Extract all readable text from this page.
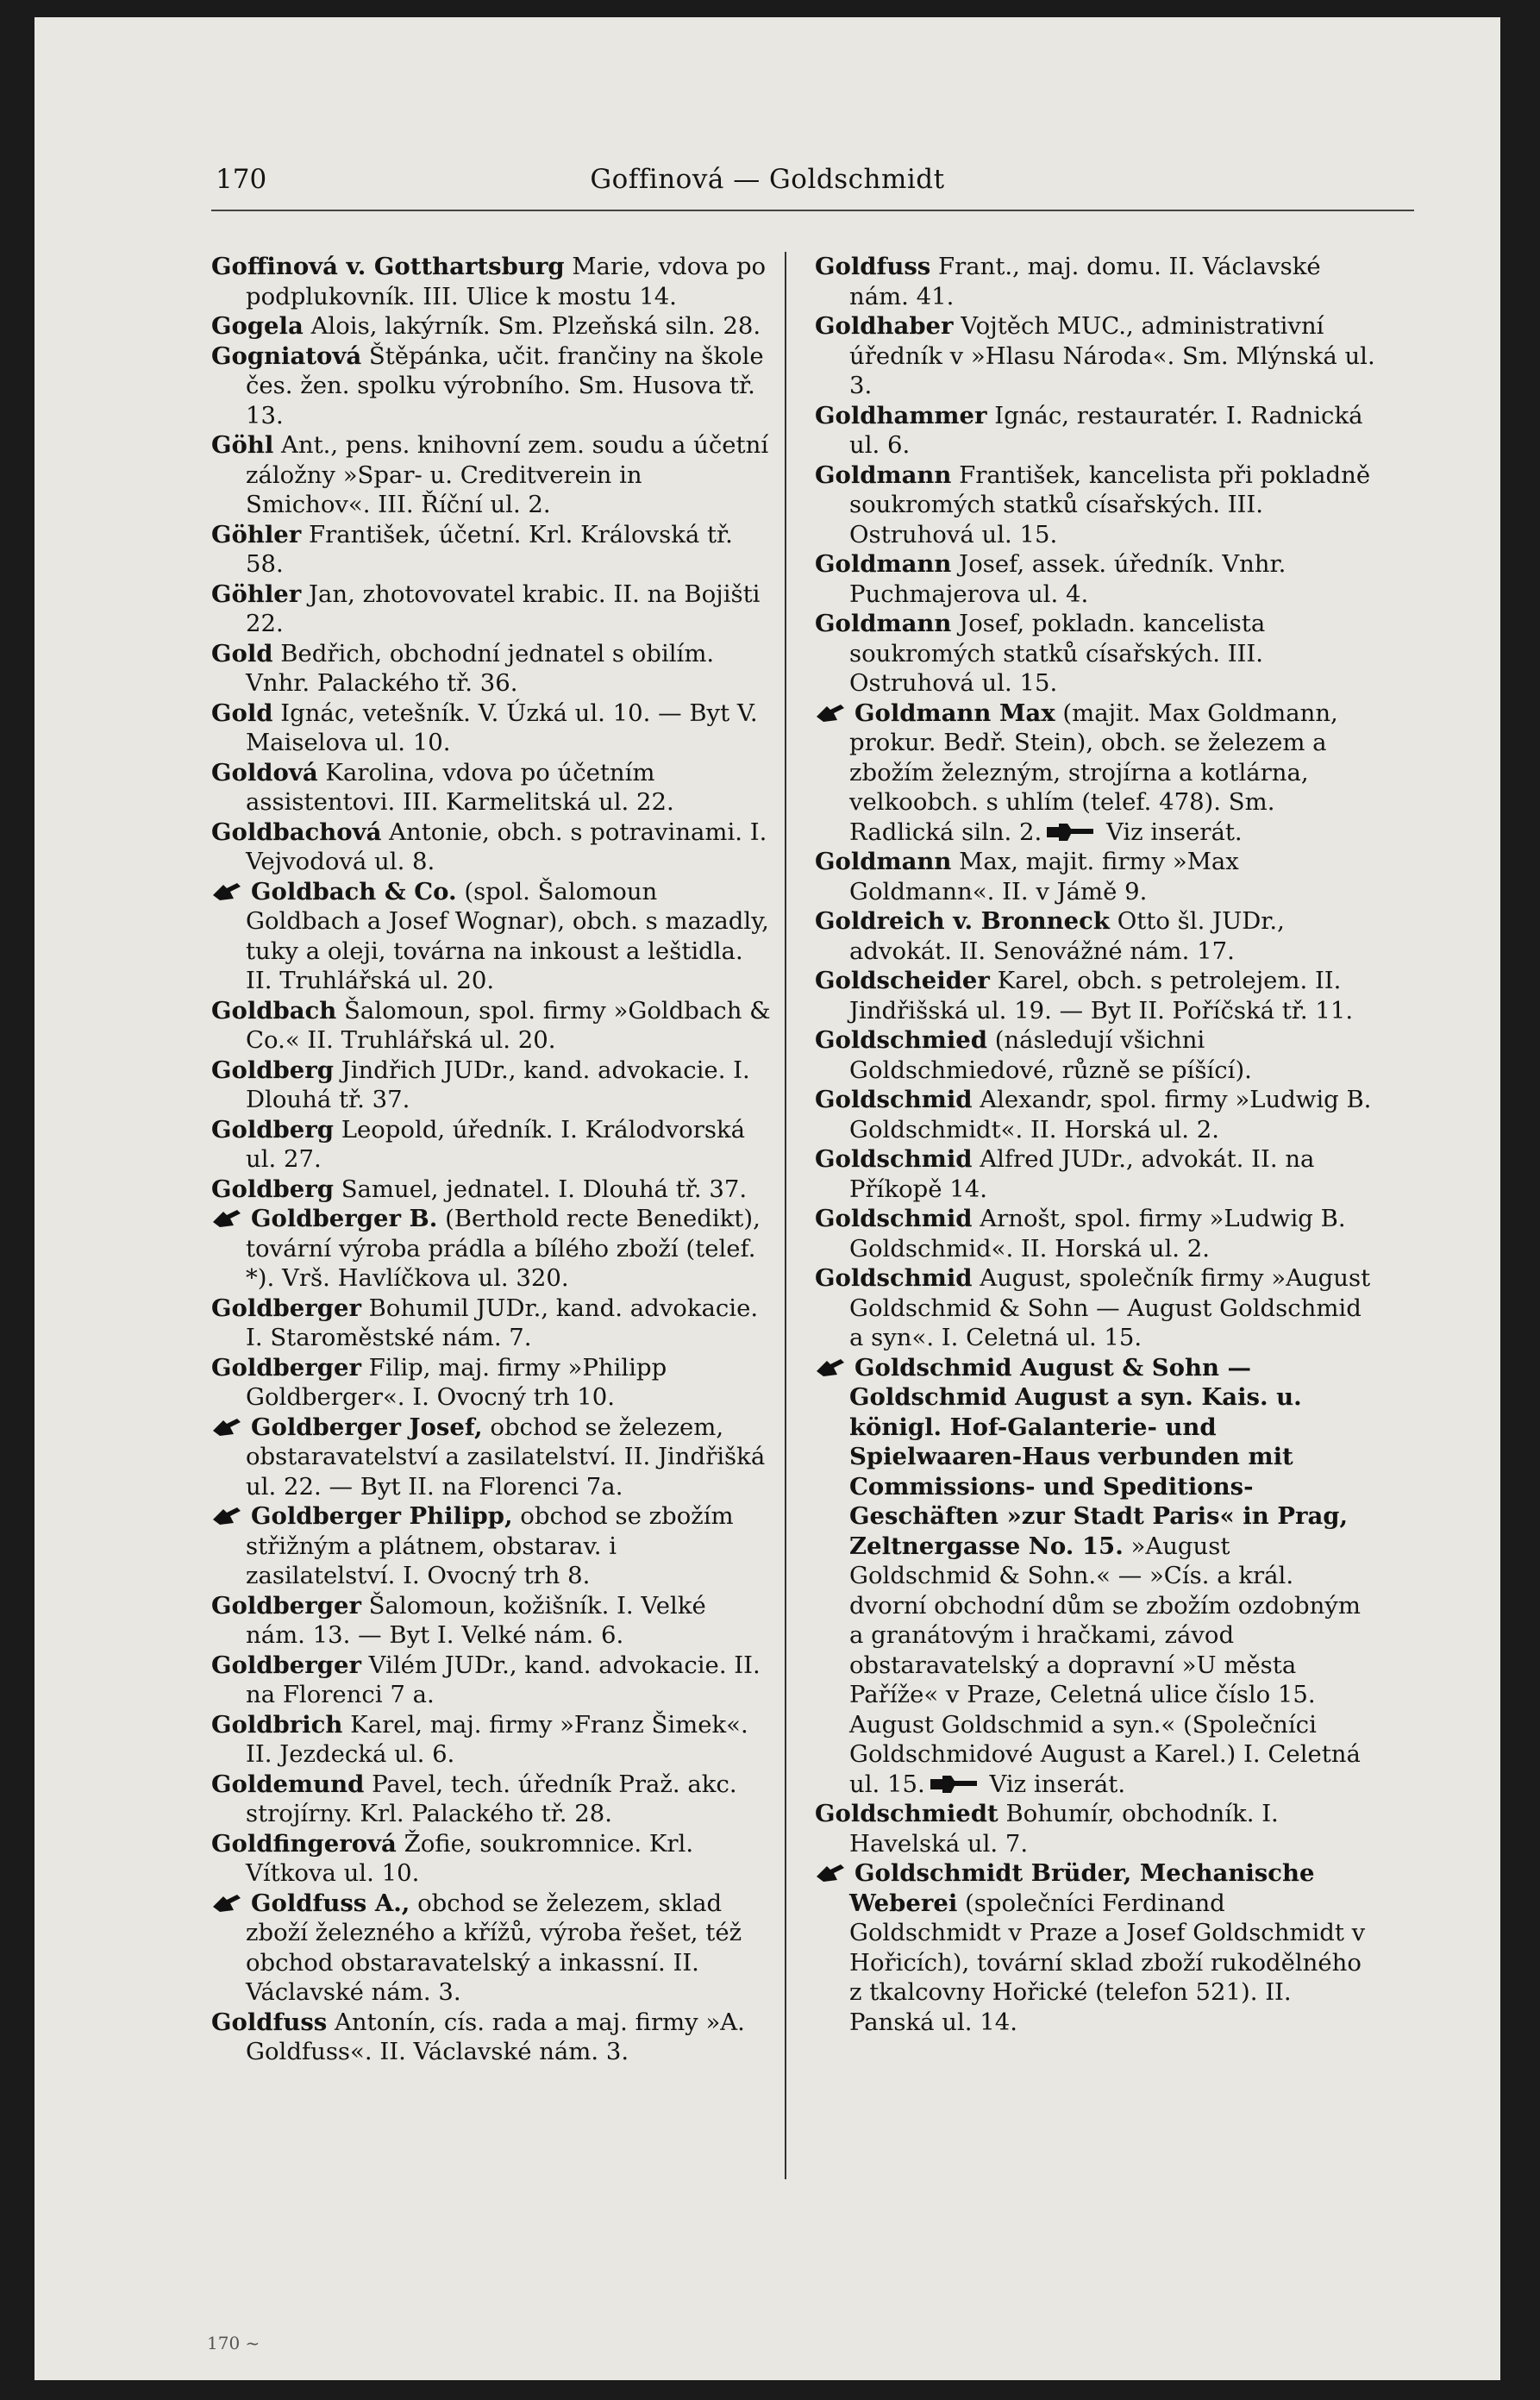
170	Goffinová — Goldschmidt

Goffinová v. Gotthartsburg Marie, vdova po podplukovník. III. Ulice k mostu 14.

Gogela Alois, lakýrník. Sm. Plzeňská siln. 28.

Gogniatová Štěpánka, učit. frančiny na škole čes. žen. spolku výrobního. Sm. Husova tř. 13.

Göhl Ant., pens. knihovní zem. soudu a účetní záložny »Spar- u. Creditverein in Smichov«. III. Říční ul. 2.

Göhler František, účetní. Krl. Královská tř. 58.

Göhler Jan, zhotovovatel krabic. II. na Bojišti 22.

Gold Bedřich, obchodní jednatel s obilím. Vnhr. Palackého tř. 36.

Gold Ignác, vetešník. V. Úzká ul. 10. — Byt V. Maiselova ul. 10.

Goldová Karolina, vdova po účetním assistentovi. III. Karmelitská ul. 22.

Goldbachová Antonie, obch. s potravinami. I. Vejvodová ul. 8.

Goldbach & Co. (spol. Šalomoun Goldbach a Josef Wognar), obch. s mazadly, tuky a oleji, továrna na inkoust a leštidla. II. Truhlářská ul. 20.

Goldbach Šalomoun, spol. firmy »Goldbach & Co.« II. Truhlářská ul. 20.

Goldberg Jindřich JUDr., kand. advokacie. I. Dlouhá tř. 37.

Goldberg Leopold, úředník. I. Králodvorská ul. 27.

Goldberg Samuel, jednatel. I. Dlouhá tř. 37.

Goldberger B. (Berthold recte Benedikt), tovární výroba prádla a bílého zboží (telef. *). Vrš. Havlíčkova ul. 320.

Goldberger Bohumil JUDr., kand. advokacie. I. Staroměstské nám. 7.

Goldberger Filip, maj. firmy »Philipp Goldberger«. I. Ovocný trh 10.

Goldberger Josef, obchod se železem, obstaravatelství a zasilatelství. II. Jindřišká ul. 22. — Byt II. na Florenci 7a.

Goldberger Philipp, obchod se zbožím střižným a plátnem, obstarav. i zasilatelství. I. Ovocný trh 8.

Goldberger Šalomoun, kožišník. I. Velké nám. 13. — Byt I. Velké nám. 6.

Goldberger Vilém JUDr., kand. advokacie. II. na Florenci 7 a.

Goldbrich Karel, maj. firmy »Franz Šimek«. II. Jezdecká ul. 6.

Goldemund Pavel, tech. úředník Praž. akc. strojírny. Krl. Palackého tř. 28.

Goldfingerová Žofie, soukromnice. Krl. Vítkova ul. 10.

Goldfuss A., obchod se železem, sklad zboží železného a křížů, výroba řešet, též obchod obstaravatelský a inkassní. II. Václavské nám. 3.

Goldfuss Antonín, cís. rada a maj. firmy »A. Goldfuss«. II. Václavské nám. 3.

Goldfuss Frant., maj. domu. II. Václavské nám. 41.

Goldhaber Vojtěch MUC., administrativní úředník v »Hlasu Národa«. Sm. Mlýnská ul. 3.

Goldhammer Ignác, restauratér. I. Radnická ul. 6.

Goldmann František, kancelista při pokladně soukromých statků císařských. III. Ostruhová ul. 15.

Goldmann Josef, assek. úředník. Vnhr. Puchmajerova ul. 4.

Goldmann Josef, pokladn. kancelista soukromých statků císařských. III. Ostruhová ul. 15.

Goldmann Max (majit. Max Goldmann, prokur. Bedř. Stein), obch. se železem a zbožím železným, strojírna a kotlárna, velkoobch. s uhlím (telef. 478). Sm. Radlická siln. 2. Viz inserát.

Goldmann Max, majit. firmy »Max Goldmann«. II. v Jámě 9.

Goldreich v. Bronneck Otto šl. JUDr., advokát. II. Senovážné nám. 17.

Goldscheider Karel, obch. s petrolejem. II. Jindřišská ul. 19. — Byt II. Poříčská tř. 11.

Goldschmied (následují všichni Goldschmiedové, různě se píšící).

Goldschmid Alexandr, spol. firmy »Ludwig B. Goldschmidt«. II. Horská ul. 2.

Goldschmid Alfred JUDr., advokát. II. na Příkopě 14.

Goldschmid Arnošt, spol. firmy »Ludwig B. Goldschmid«. II. Horská ul. 2.

Goldschmid August, společník firmy »August Goldschmid & Sohn — August Goldschmid a syn«. I. Celetná ul. 15.

Goldschmid August & Sohn — Goldschmid August a syn. Kais. u. königl. Hof-Galanterie- und Spielwaaren-Haus verbunden mit Commissions- und Speditions-Geschäften »zur Stadt Paris« in Prag, Zeltnergasse No. 15. »August Goldschmid & Sohn.« — »Cís. a král. dvorní obchodní dům se zbožím ozdobným a granátovým i hračkami, závod obstaravatelský a dopravní »U města Paříže« v Praze, Celetná ulice číslo 15. August Goldschmid a syn.« (Společníci Goldschmidové August a Karel.) I. Celetná ul. 15. Viz inserát.

Goldschmiedt Bohumír, obchodník. I. Havelská ul. 7.

Goldschmidt Brüder, Mechanische Weberei (společníci Ferdinand Goldschmidt v Praze a Josef Goldschmidt v Hořicích), tovární sklad zboží rukodělného z tkalcovny Hořické (telefon 521). II. Panská ul. 14.

170 ~
